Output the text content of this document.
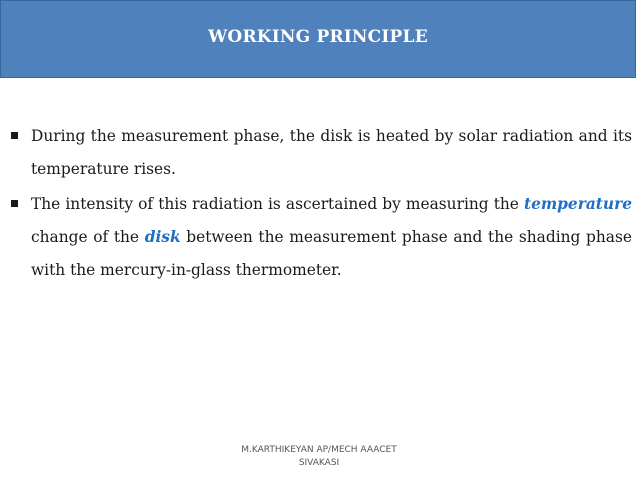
WORKING PRINCIPLE
During the measurement phase, the disk is heated by solar radiation and its temperature rises.
The intensity of this radiation is ascertained by measuring the temperature change of the disk between the measurement phase and the shading phase with the mercury-in-glass thermometer.
M.KARTHIKEYAN AP/MECH AAACET
SIVAKASI
